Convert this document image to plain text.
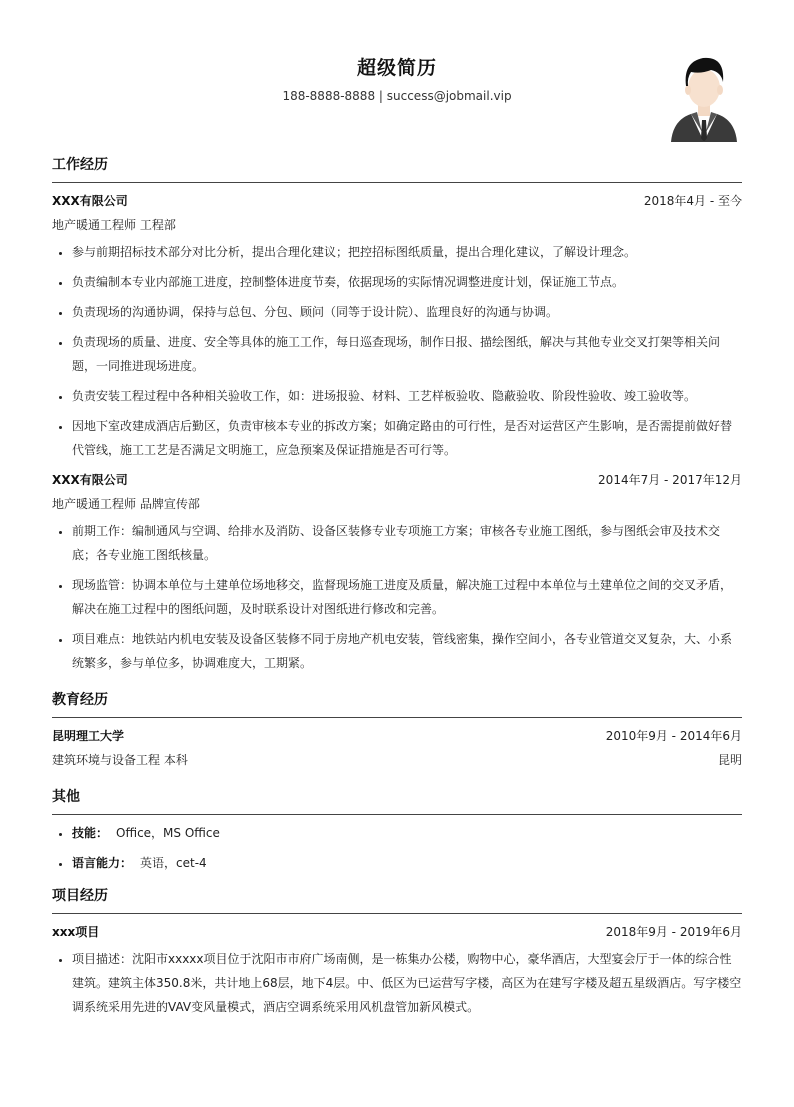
超级简历
188-8888-8888 | success@jobmail.vip
工作经历
XXX有限公司	2018年4月 - 至今
地产暖通工程师 工程部
• 参与前期招标技术部分对比分析，提出合理化建议；把控招标图纸质量，提出合理化建议，了解设计理念。
• 负责编制本专业内部施工进度，控制整体进度节奏，依据现场的实际情况调整进度计划，保证施工节点。
• 负责现场的沟通协调，保持与总包、分包、顾问（同等于设计院）、监理良好的沟通与协调。
• 负责现场的质量、进度、安全等具体的施工工作，每日巡查现场，制作日报、描绘图纸，解决与其他专业交叉打架等相关问题，一同推进现场进度。
• 负责安装工程过程中各种相关验收工作，如：进场报验、材料、工艺样板验收、隐蔽验收、阶段性验收、竣工验收等。
• 因地下室改建成酒店后勤区，负责审核本专业的拆改方案；如确定路由的可行性，是否对运营区产生影响，是否需提前做好替代管线，施工工艺是否满足文明施工，应急预案及保证措施是否可行等。
XXX有限公司	2014年7月 - 2017年12月
地产暖通工程师 品牌宣传部
• 前期工作：编制通风与空调、给排水及消防、设备区装修专业专项施工方案；审核各专业施工图纸，参与图纸会审及技术交底；各专业施工图纸核量。
• 现场监管：协调本单位与土建单位场地移交，监督现场施工进度及质量，解决施工过程中本单位与土建单位之间的交叉矛盾，解决在施工过程中的图纸问题，及时联系设计对图纸进行修改和完善。
• 项目难点：地铁站内机电安装及设备区装修不同于房地产机电安装，管线密集，操作空间小，各专业管道交叉复杂，大、小系统繁多，参与单位多，协调难度大，工期紧。
教育经历
昆明理工大学	2010年9月 - 2014年6月
建筑环境与设备工程 本科	昆明
其他
• 技能： Office，MS Office
• 语言能力： 英语，cet-4
项目经历
xxx项目	2018年9月 - 2019年6月
• 项目描述：沈阳市xxxxx项目位于沈阳市市府广场南侧，是一栋集办公楼，购物中心，豪华酒店，大型宴会厅于一体的综合性建筑。建筑主体350.8米，共计地上68层，地下4层。中、低区为已运营写字楼，高区为在建写字楼及超五星级酒店。写字楼空调系统采用先进的VAV变风量模式，酒店空调系统采用风机盘管加新风模式。
